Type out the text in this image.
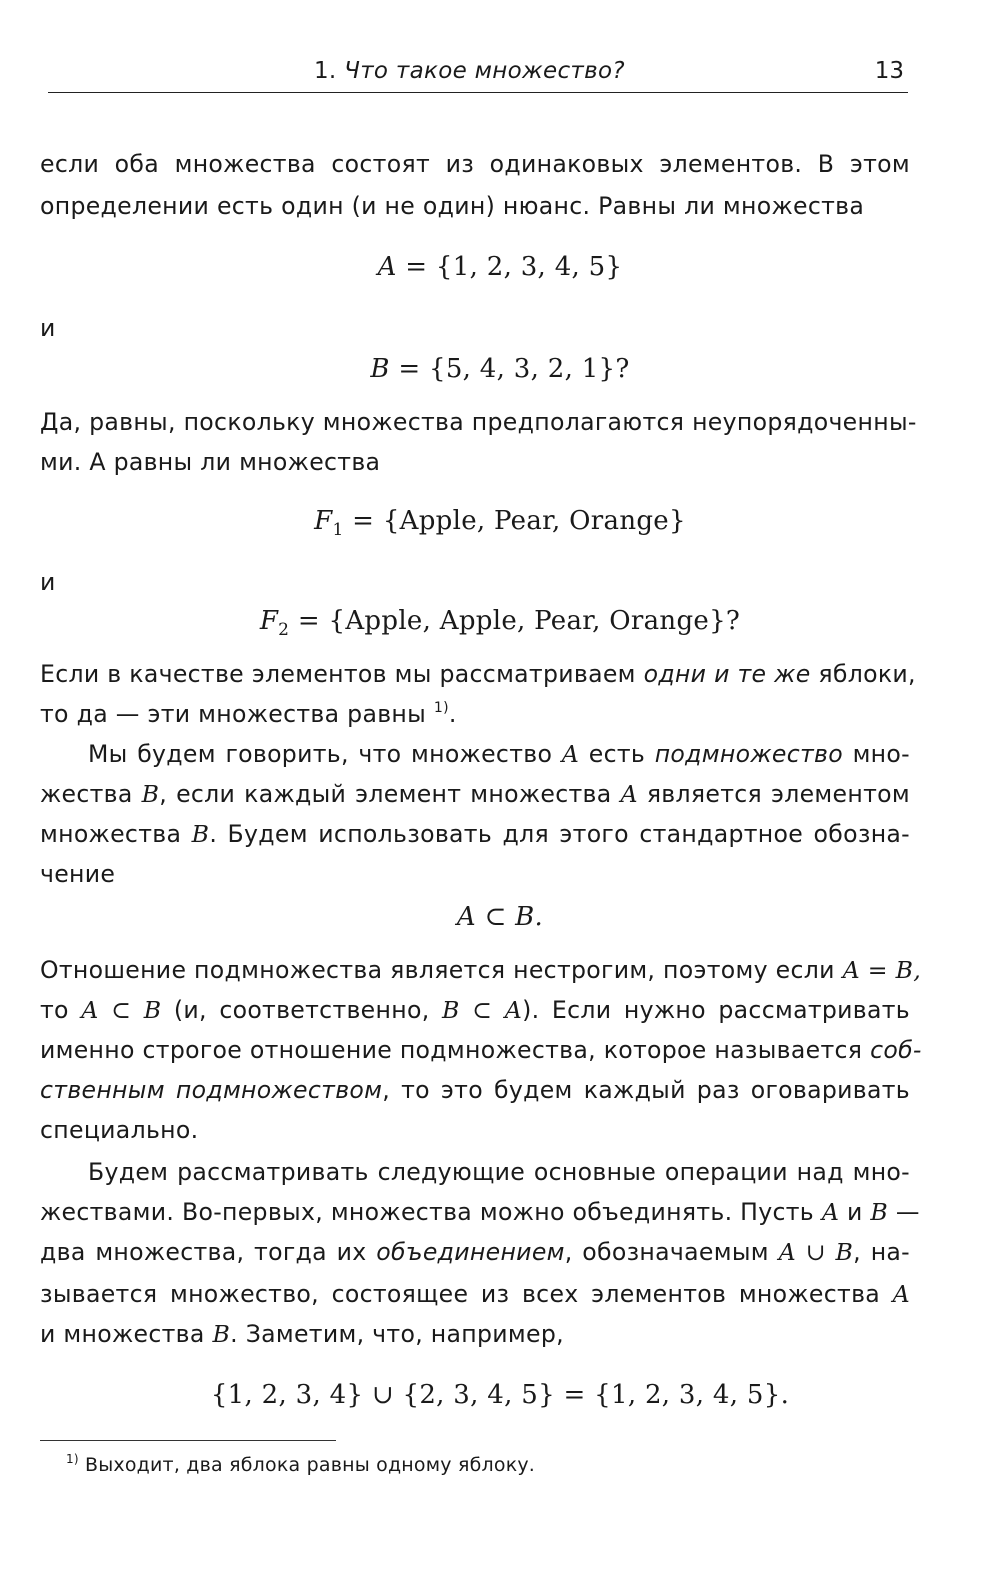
1. Что такое множество?	13
если оба множества состоят из одинаковых элементов. В этом
определении есть один (и не один) нюанс. Равны ли множества
A = {1, 2, 3, 4, 5}
и
B = {5, 4, 3, 2, 1}?
Да, равны, поскольку множества предполагаются неупорядоченны-
ми. А равны ли множества
$F_1$ = {Apple, Pear, Orange}
и
$F_2$ = {Apple, Apple, Pear, Orange}?
Если в качестве элементов мы рассматриваем одни и те же яблоки,
то да — эти множества равны $^{1)}$.
Мы будем говорить, что множество A есть подмножество мно-
жества B, если каждый элемент множества A является элементом
множества B. Будем использовать для этого стандартное обозна-
чение
A ⊂ B.
Отношение подмножества является нестрогим, поэтому если A = B,
то A ⊂ B (и, соответственно, B ⊂ A). Если нужно рассматривать
именно строгое отношение подмножества, которое называется соб-
ственным подмножеством, то это будем каждый раз оговаривать
специально.
Будем рассматривать следующие основные операции над мно-
жествами. Во-первых, множества можно объединять. Пусть A и B —
два множества, тогда их объединением, обозначаемым A ∪ B, на-
зывается множество, состоящее из всех элементов множества A
и множества B. Заметим, что, например,
{1, 2, 3, 4} ∪ {2, 3, 4, 5} = {1, 2, 3, 4, 5}.
$^{1)}$ Выходит, два яблока равны одному яблоку.
